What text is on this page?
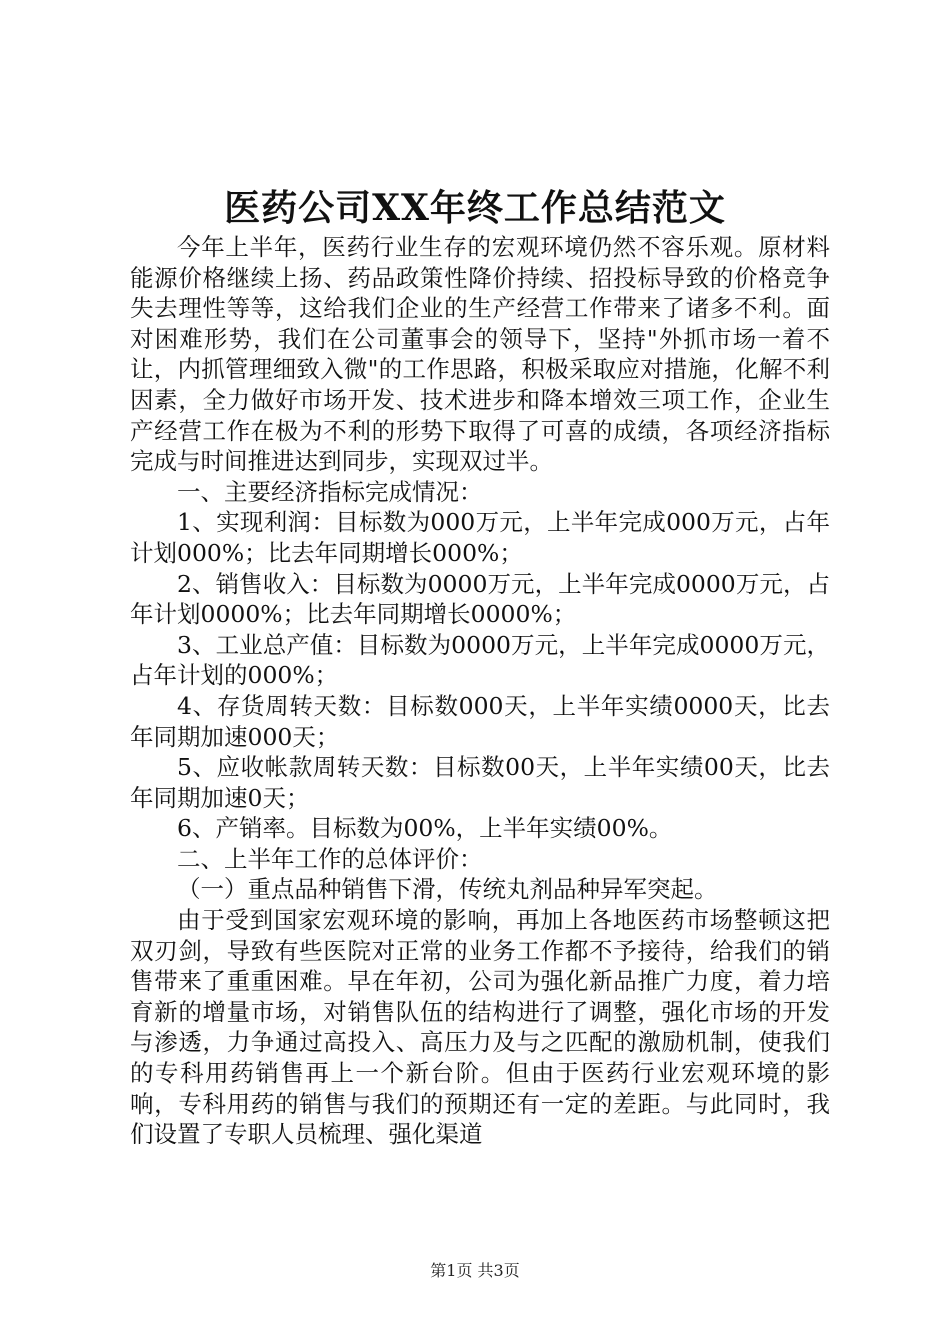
医药公司XX年终工作总结范文

今年上半年，医药行业生存的宏观环境仍然不容乐观。原材料能源价格继续上扬、药品政策性降价持续、招投标导致的价格竞争失去理性等等，这给我们企业的生产经营工作带来了诸多不利。面对困难形势，我们在公司董事会的领导下，坚持"外抓市场一着不让，内抓管理细致入微"的工作思路，积极采取应对措施，化解不利因素，全力做好市场开发、技术进步和降本增效三项工作，企业生产经营工作在极为不利的形势下取得了可喜的成绩，各项经济指标完成与时间推进达到同步，实现双过半。

一、主要经济指标完成情况：

1、实现利润：目标数为000万元，上半年完成000万元，占年计划000%；比去年同期增长000%；

2、销售收入：目标数为0000万元，上半年完成0000万元，占年计划0000%；比去年同期增长0000%；

3、工业总产值：目标数为0000万元，上半年完成0000万元，占年计划的000%；

4、存货周转天数：目标数000天，上半年实绩0000天，比去年同期加速000天；

5、应收帐款周转天数：目标数00天，上半年实绩00天，比去年同期加速0天；

6、产销率。目标数为00%，上半年实绩00%。

二、上半年工作的总体评价：

（一）重点品种销售下滑，传统丸剂品种异军突起。

由于受到国家宏观环境的影响，再加上各地医药市场整顿这把双刃剑，导致有些医院对正常的业务工作都不予接待，给我们的销售带来了重重困难。早在年初，公司为强化新品推广力度，着力培育新的增量市场，对销售队伍的结构进行了调整，强化市场的开发与渗透，力争通过高投入、高压力及与之匹配的激励机制，使我们的专科用药销售再上一个新台阶。但由于医药行业宏观环境的影响，专科用药的销售与我们的预期还有一定的差距。与此同时，我们设置了专职人员梳理、强化渠道

第1页 共3页
